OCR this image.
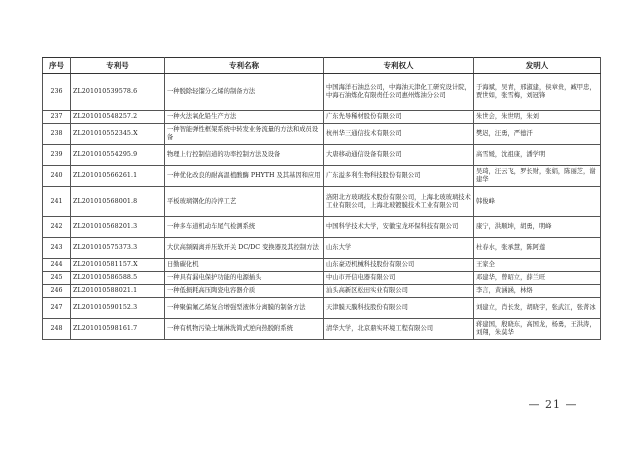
序号	专利号	专利名称	专利权人	发明人
236	ZL201010539578.6	一种脱除轻馏分乙烯的制备方法	中国海洋石油总公司，中海油天津化工研究设计院，中海石油炼化有限责任公司惠州炼油分公司	于海斌，吴青，邢淑建，侯章贵，臧甲忠，贾世如，张雪梅，刘冠锋
237	ZL201010548257.2	一种火法氧化铅生产方法	广东先导稀材股份有限公司	朱世会，朱世明，朱刘
238	ZL201010552345.X	一种智能弹性框架系统中转发业务流量的方法和成员设备	杭州华三通信技术有限公司	樊迟，汪勇，严德汗
239	ZL201010554295.9	物理上行控制信道的功率控制方法及设备	大唐移动通信设备有限公司	高雪媛，沈祖康，潘学明
240	ZL201010566261.1	一种优化改良的耐高温植酸酶 PHYTH 及其基因和应用	广东溢多利生物科技股份有限公司	吴琦，汪云飞，罗长财，张娟，陈丽芝，谢建华
241	ZL201010568001.8	平板玻璃钢化的冷淬工艺	洛阳北方玻璃技术股份有限公司，上海北玻玻璃技术工业有限公司，上海北玻镀膜技术工业有限公司	韩俊峰
242	ZL201010568201.3	一种多车道机动车尾气检测系统	中国科学技术大学，安徽宝龙环保科技有限公司	康宁，洪顺坤，胡勇，明峰
243	ZL201010575373.3	大伏高频隔离并压软开关 DC/DC 变换器及其控制方法	山东大学	杜春水，张承慧，陈阿莲
244	ZL201010581157.X	日勤碳化机	山东豪迈机械科技股份有限公司	王家全
245	ZL201010586588.5	一种具有漏电保护功能的电源插头	中山市开信电器有限公司	邓建华，曾昭立，薛兰旺
246	ZL201010588021.1	一种低损耗高压陶瓷电容器介质	汕头高新区松田实业有限公司	李言，黄涵涵，林烙
247	ZL201010590152.3	一种聚偏氟乙烯复合增强型液体分离膜的制备方法	天津膜天膜科技股份有限公司	刘建立，肖长发，胡晓宇，张武江，张菁冰
248	ZL201010598161.7	一种有机物污染土壤淋洗简式逆向热脱附系统	清华大学，北京鼎实环境工程有限公司	蒋建国，殷晓东，高国龙，杨勇，王洪涛，刘翔，朱莫华
— 21 —
